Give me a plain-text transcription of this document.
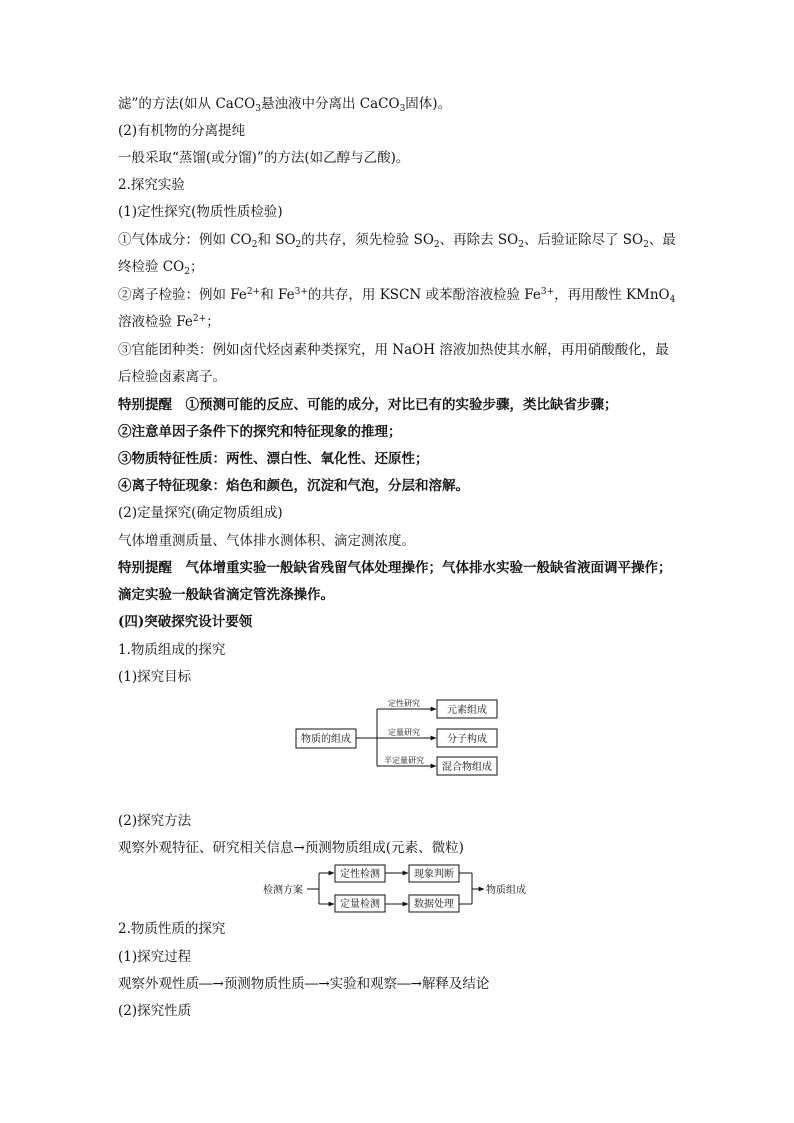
滤”的方法(如从 CaCO$_3$悬浊液中分离出 CaCO$_3$固体)。
(2)有机物的分离提纯
一般采取“蒸馏(或分馏)”的方法(如乙醇与乙酸)。
2.探究实验
(1)定性探究(物质性质检验)
①气体成分：例如 $CO_2$和 $SO_2$的共存，须先检验 $SO_2$、再除去 $SO_2$、后验证除尽了 $SO_2$、最
终检验 $CO_2$；
②离子检验：例如 $Fe^{2+}$和 $Fe^{3+}$的共存，用 KSCN 或苯酚溶液检验 $Fe^{3+}$，再用酸性 KMnO$_4$
溶液检验 $Fe^{2+}$；
③官能团种类：例如卤代烃卤素种类探究，用 NaOH 溶液加热使其水解，再用硝酸酸化，最
后检验卤素离子。
特别提醒　①预测可能的反应、可能的成分，对比已有的实验步骤，类比缺省步骤；
②注意单因子条件下的探究和特征现象的推理；
③物质特征性质：两性、漂白性、氧化性、还原性；
④离子特征现象：焰色和颜色，沉淀和气泡，分层和溶解。
(2)定量探究(确定物质组成)
气体增重测质量、气体排水测体积、滴定测浓度。
特别提醒　气体增重实验一般缺省残留气体处理操作；气体排水实验一般缺省液面调平操作；
滴定实验一般缺省滴定管洗涤操作。
(四)突破探究设计要领
1.物质组成的探究
(1)探究目标
(2)探究方法
观察外观特征、研究相关信息→预测物质组成(元素、微粒)
2.物质性质的探究
(1)探究过程
观察外观性质―→预测物质性质―→实验和观察―→解释及结论
(2)探究性质
物质的组成
定性研究
定量研究
半定量研究
元素组成
分子构成
混合物组成
检测方案
定性检测
定量检测
现象判断
数据处理
物质组成
